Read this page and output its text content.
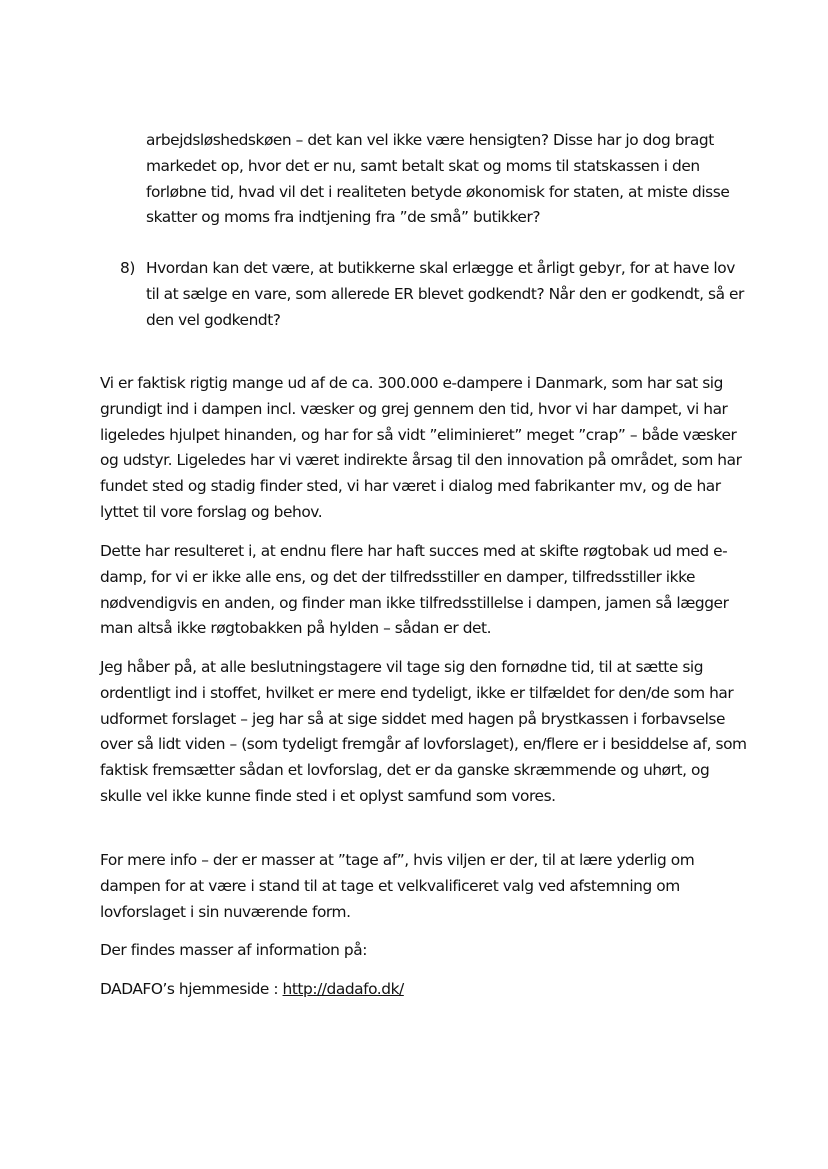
arbejdsløshedskøen – det kan vel ikke være hensigten? Disse har jo dog bragt markedet op, hvor det er nu, samt betalt skat og moms til statskassen i den forløbne tid, hvad vil det i realiteten betyde økonomisk for staten, at miste disse skatter og moms fra indtjening fra ”de små” butikker?

8) Hvordan kan det være, at butikkerne skal erlægge et årligt gebyr, for at have lov til at sælge en vare, som allerede ER blevet godkendt? Når den er godkendt, så er den vel godkendt?

Vi er faktisk rigtig mange ud af de ca. 300.000 e-dampere i Danmark, som har sat sig grundigt ind i dampen incl. væsker og grej gennem den tid, hvor vi har dampet, vi har ligeledes hjulpet hinanden, og har for så vidt ”eliminieret” meget ”crap” – både væsker og udstyr. Ligeledes har vi været indirekte årsag til den innovation på området, som har fundet sted og stadig finder sted, vi har været i dialog med fabrikanter mv, og de har lyttet til vore forslag og behov.

Dette har resulteret i, at endnu flere har haft succes med at skifte røgtobak ud med e-damp, for vi er ikke alle ens, og det der tilfredsstiller en damper, tilfredsstiller ikke nødvendigvis en anden, og finder man ikke tilfredsstillelse i dampen, jamen så lægger man altså ikke røgtobakken på hylden – sådan er det.

Jeg håber på, at alle beslutningstagere vil tage sig den fornødne tid, til at sætte sig ordentligt ind i stoffet, hvilket er mere end tydeligt, ikke er tilfældet for den/de som har udformet forslaget – jeg har så at sige siddet med hagen på brystkassen i forbavselse over så lidt viden – (som tydeligt fremgår af lovforslaget), en/flere er i besiddelse af, som faktisk fremsætter sådan et lovforslag, det er da ganske skræmmende og uhørt, og skulle vel ikke kunne finde sted i et oplyst samfund som vores.

For mere info – der er masser at ”tage af”, hvis viljen er der, til at lære yderlig om dampen for at være i stand til at tage et velkvalificeret valg ved afstemning om lovforslaget i sin nuværende form.

Der findes masser af information på:

DADAFO’s hjemmeside : http://dadafo.dk/
